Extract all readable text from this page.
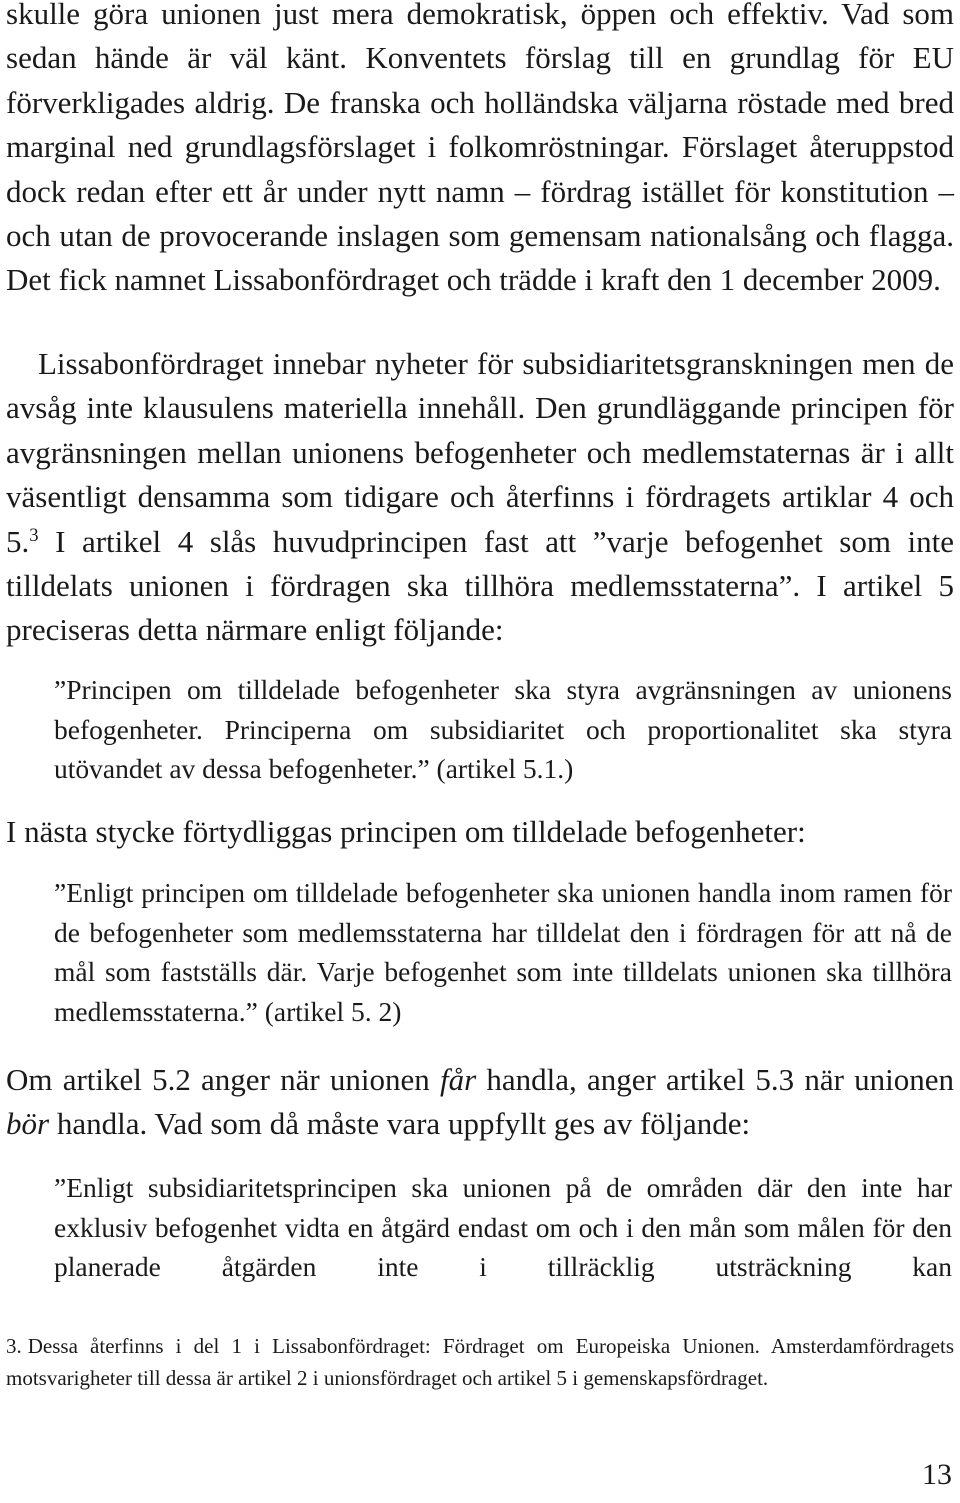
skulle göra unionen just mera demokratisk, öppen och effektiv. Vad som sedan hände är väl känt. Konventets förslag till en grundlag för EU förverkligades aldrig. De franska och holländska väljarna röstade med bred marginal ned grundlagsförslaget i folkomröstningar. Förslaget återuppstod dock redan efter ett år under nytt namn – fördrag istället för konstitution – och utan de provocerande inslagen som gemensam nationalsång och flagga. Det fick namnet Lissabonfördraget och trädde i kraft den 1 december 2009.

Lissabonfördraget innebar nyheter för subsidiaritetsgranskningen men de avsåg inte klausulens materiella innehåll. Den grundläggande principen för avgränsningen mellan unionens befogenheter och medlemstaternas är i allt väsentligt densamma som tidigare och återfinns i fördragets artiklar 4 och 5.$^3$ I artikel 4 slås huvudprincipen fast att ”varje befogenhet som inte tilldelats unionen i fördragen ska tillhöra medlemsstaterna”. I artikel 5 preciseras detta närmare enligt följande:

”Principen om tilldelade befogenheter ska styra avgränsningen av unionens befogenheter. Principerna om subsidiaritet och proportionalitet ska styra utövandet av dessa befogenheter.” (artikel 5.1.)

I nästa stycke förtydliggas principen om tilldelade befogenheter:

”Enligt principen om tilldelade befogenheter ska unionen handla inom ramen för de befogenheter som medlemsstaterna har tilldelat den i fördragen för att nå de mål som fastställs där. Varje befogenhet som inte tilldelats unionen ska tillhöra medlemsstaterna.” (artikel 5. 2)

Om artikel 5.2 anger när unionen får handla, anger artikel 5.3 när unionen bör handla. Vad som då måste vara uppfyllt ges av följande:

”Enligt subsidiaritetsprincipen ska unionen på de områden där den inte har exklusiv befogenhet vidta en åtgärd endast om och i den mån som målen för den planerade åtgärden inte i tillräcklig utsträckning kan

3. Dessa återfinns i del 1 i Lissabonfördraget: Fördraget om Europeiska Unionen. Amsterdamfördragets motsvarigheter till dessa är artikel 2 i unionsfördraget och artikel 5 i gemenskapsfördraget.

13
